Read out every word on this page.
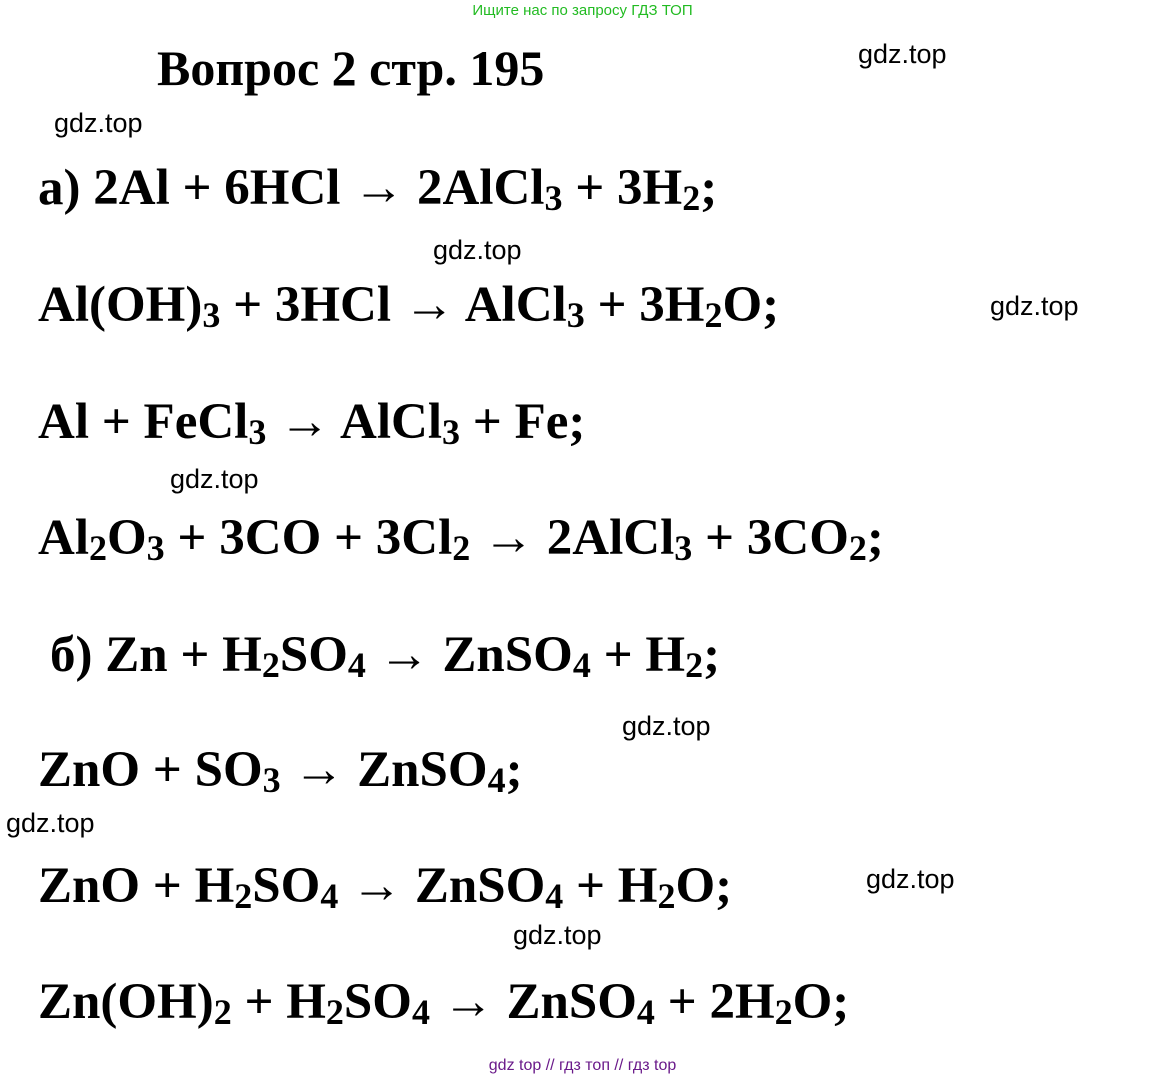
Ищите нас по запросу ГДЗ ТОП
Вопрос 2 стр. 195	gdz.top
gdz.top
gdz.top
gdz.top
gdz.top
gdz.top
gdz.top
gdz.top
gdz.top
а) 2Al + 6HCl → 2AlCl$_3$ + $3H_2$;
$Al(OH)_3 + 3HCl$ → AlCl$_3$ + $3H_2O$;
Al + FeCl$_3$ → AlCl$_3$ + Fe;
$Al_2O_3 + 3CO + 3Cl_2$ → 2AlCl$_3$ + $3CO_2$;
б) $Zn + H_2SO_4$ → ZnSO$_4$ + $H_2$;
ZnO + $SO_3$ → ZnSO$_4$;
ZnO + $H_2SO_4$ → ZnSO$_4$ + $H_2O$;
$Zn(OH)_2 + H_2SO_4$ → ZnSO$_4$ + $2H_2O$;
gdz top // гдз топ // гдз top
